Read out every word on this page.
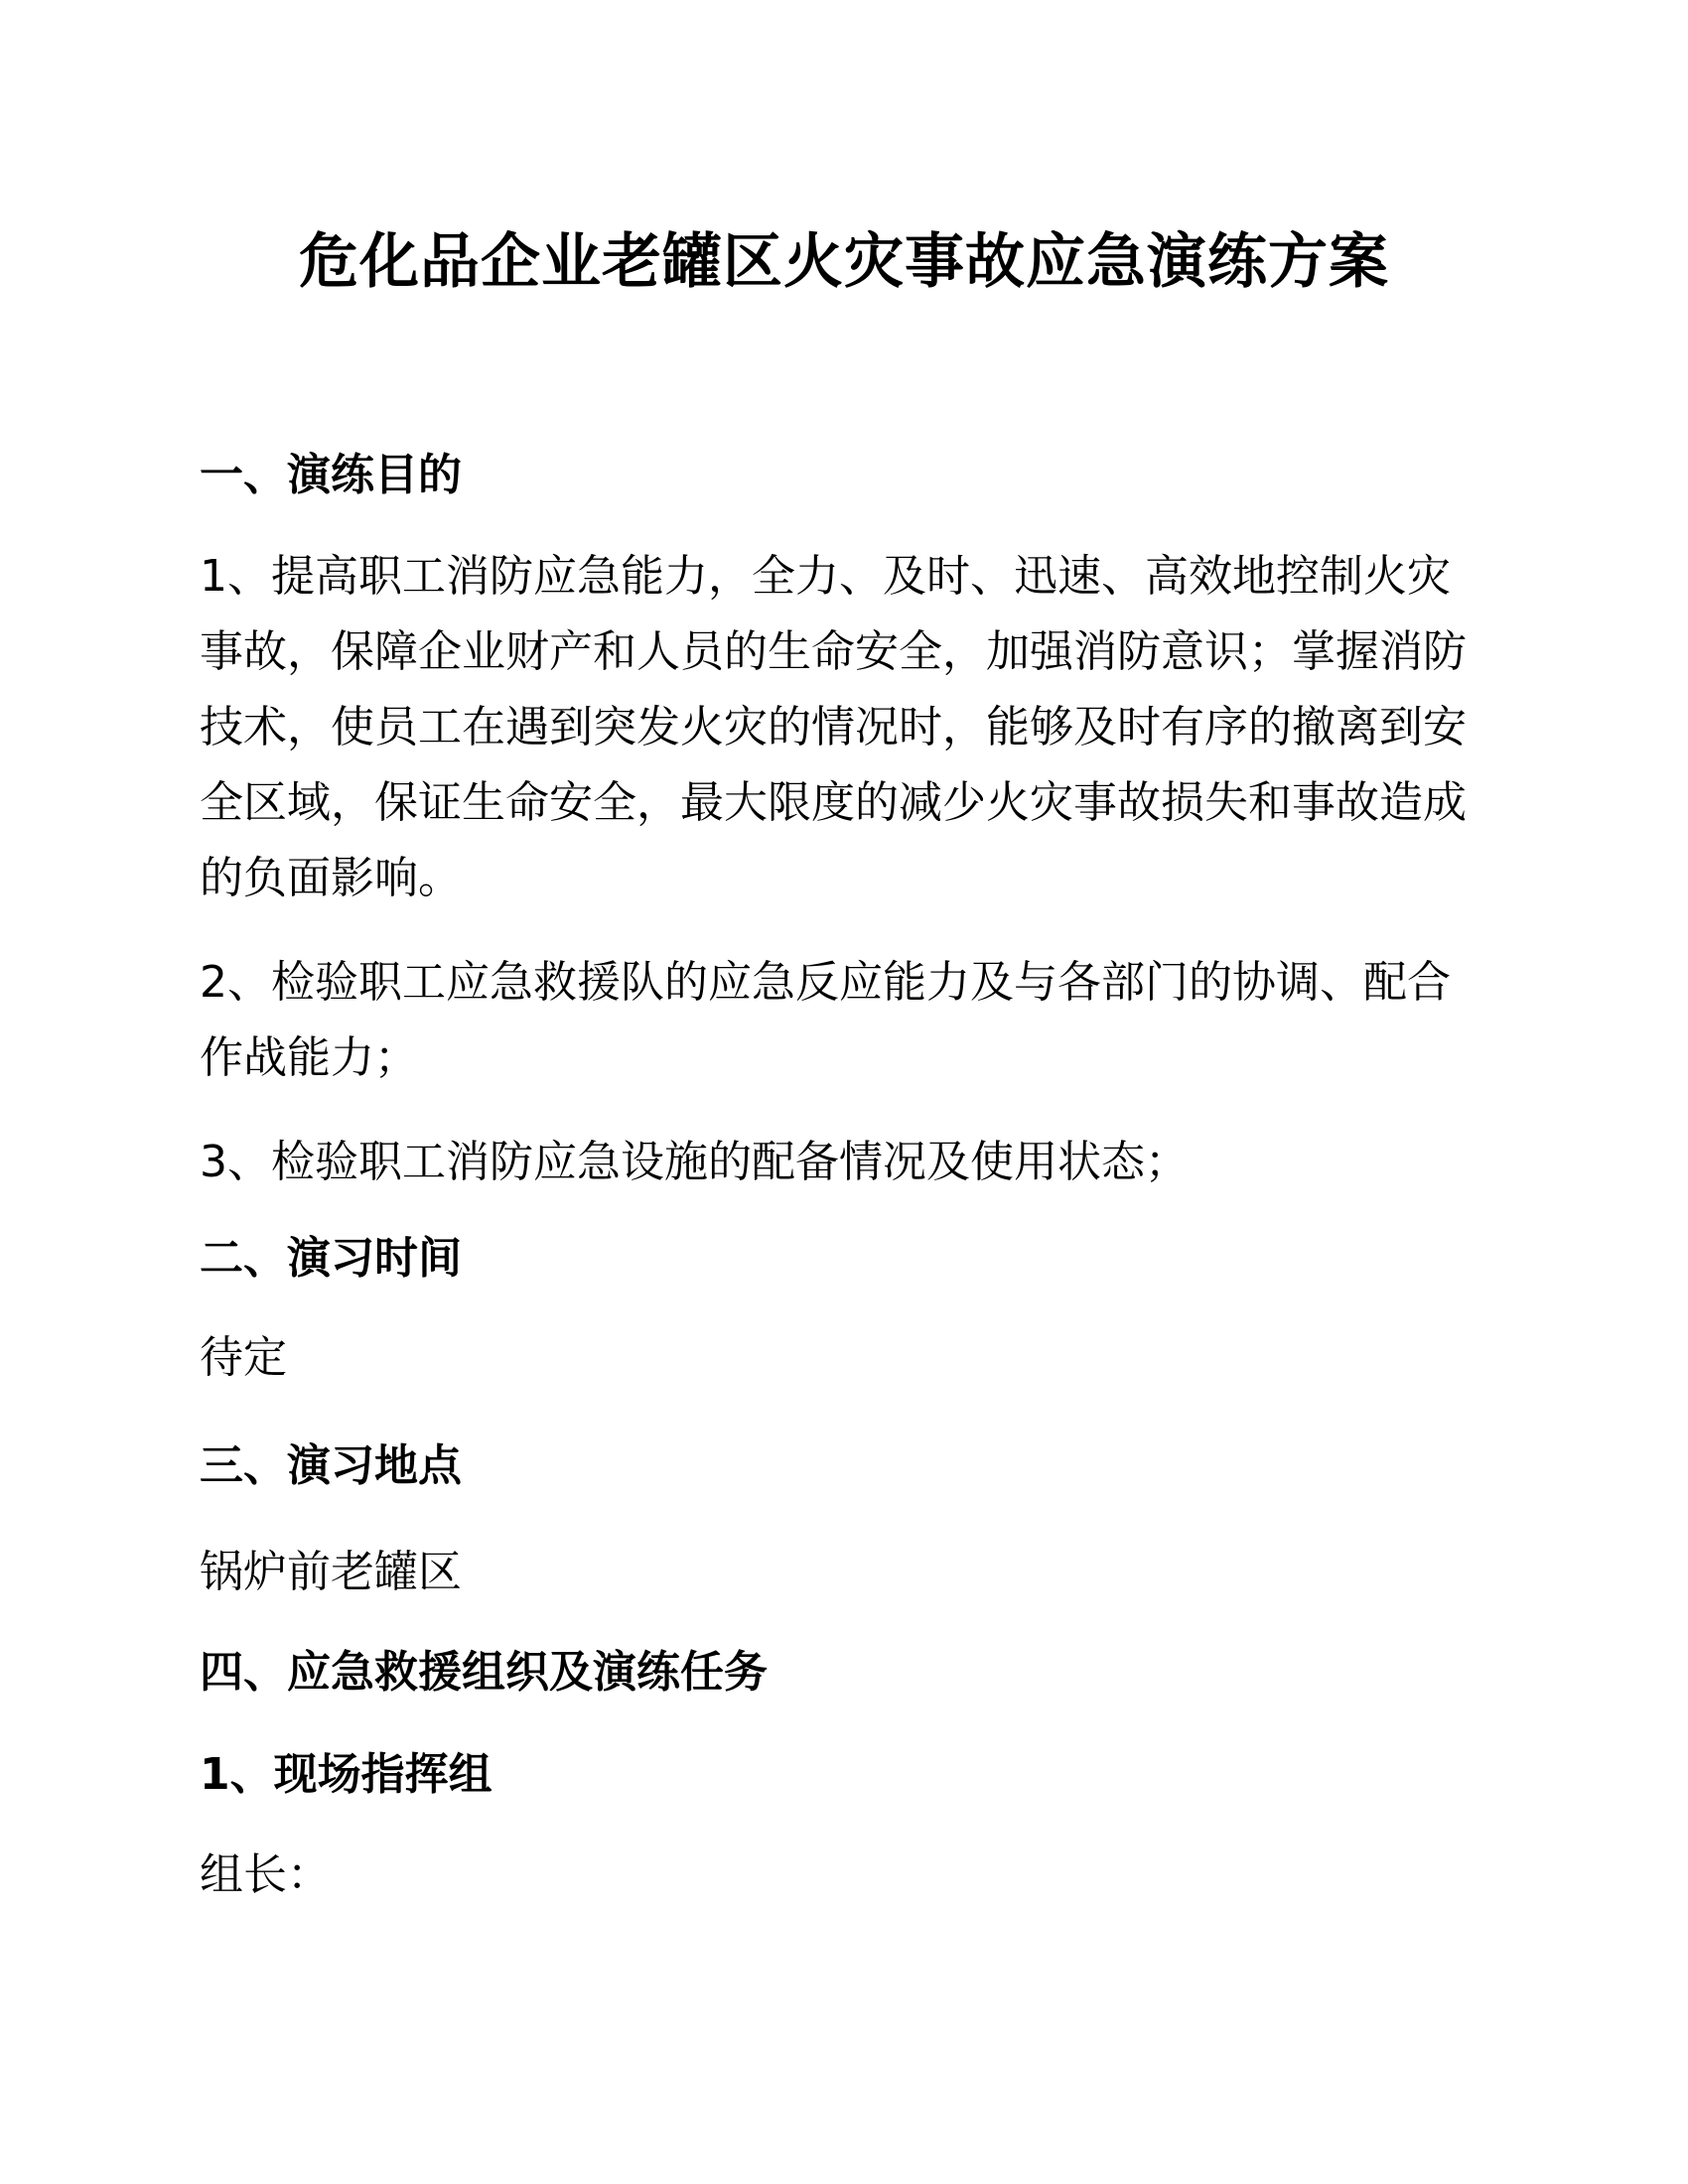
危化品企业老罐区火灾事故应急演练方案
一、演练目的
1、提高职工消防应急能力，全力、及时、迅速、高效地控制火灾
事故，保障企业财产和人员的生命安全，加强消防意识；掌握消防
技术，使员工在遇到突发火灾的情况时，能够及时有序的撤离到安
全区域，保证生命安全，最大限度的减少火灾事故损失和事故造成
的负面影响。
2、检验职工应急救援队的应急反应能力及与各部门的协调、配合
作战能力；
3、检验职工消防应急设施的配备情况及使用状态；
二、演习时间
待定
三、演习地点
锅炉前老罐区
四、应急救援组织及演练任务
1、现场指挥组
组长：
